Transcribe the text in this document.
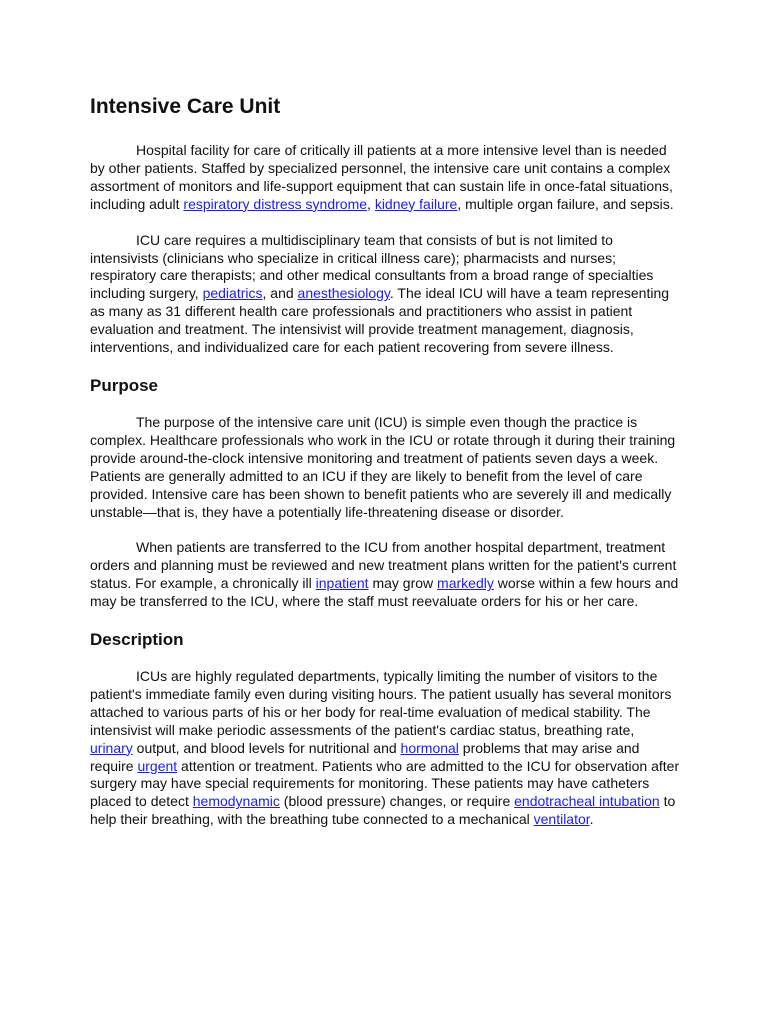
Intensive Care Unit

Hospital facility for care of critically ill patients at a more intensive level than is needed by other patients. Staffed by specialized personnel, the intensive care unit contains a complex assortment of monitors and life-support equipment that can sustain life in once-fatal situations, including adult respiratory distress syndrome, kidney failure, multiple organ failure, and sepsis.

ICU care requires a multidisciplinary team that consists of but is not limited to intensivists (clinicians who specialize in critical illness care); pharmacists and nurses; respiratory care therapists; and other medical consultants from a broad range of specialties including surgery, pediatrics, and anesthesiology. The ideal ICU will have a team representing as many as 31 different health care professionals and practitioners who assist in patient evaluation and treatment. The intensivist will provide treatment management, diagnosis, interventions, and individualized care for each patient recovering from severe illness.

Purpose

The purpose of the intensive care unit (ICU) is simple even though the practice is complex. Healthcare professionals who work in the ICU or rotate through it during their training provide around-the-clock intensive monitoring and treatment of patients seven days a week. Patients are generally admitted to an ICU if they are likely to benefit from the level of care provided. Intensive care has been shown to benefit patients who are severely ill and medically unstable—that is, they have a potentially life-threatening disease or disorder.

When patients are transferred to the ICU from another hospital department, treatment orders and planning must be reviewed and new treatment plans written for the patient's current status. For example, a chronically ill inpatient may grow markedly worse within a few hours and may be transferred to the ICU, where the staff must reevaluate orders for his or her care.

Description

ICUs are highly regulated departments, typically limiting the number of visitors to the patient's immediate family even during visiting hours. The patient usually has several monitors attached to various parts of his or her body for real-time evaluation of medical stability. The intensivist will make periodic assessments of the patient's cardiac status, breathing rate, urinary output, and blood levels for nutritional and hormonal problems that may arise and require urgent attention or treatment. Patients who are admitted to the ICU for observation after surgery may have special requirements for monitoring. These patients may have catheters placed to detect hemodynamic (blood pressure) changes, or require endotracheal intubation to help their breathing, with the breathing tube connected to a mechanical ventilator.
